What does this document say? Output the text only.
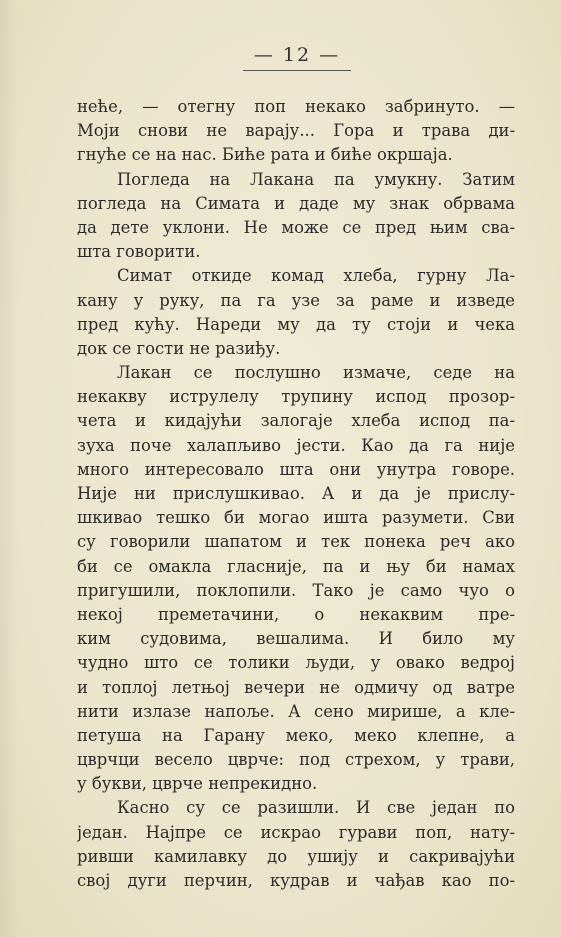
— 12 —
неће, — отегну поп некако забринуто. —
Моји снови не варају... Гора и трава ди-
гнуће се на нас. Биће рата и биће окршаја.
Погледа на Лакана па умукну. Затим
погледа на Симата и даде му знак обрвама
да дете уклони. Не може се пред њим сва-
шта говорити.
Симат откиде комад хлеба, гурну Ла-
кану у руку, па га узе за раме и изведе
пред кућу. Нареди му да ту стоји и чека
док се гости не разиђу.
Лакан се послушно измаче, седе на
некакву иструлелу трупину испод прозор-
чета и кидајући залогаје хлеба испод па-
зуха поче халапљиво јести. Као да га није
много интересовало шта они унутра говоре.
Није ни прислушкивао. А и да је прислу-
шкивао тешко би могао ишта разумети. Сви
су говорили шапатом и тек понека реч ако
би се омакла гласније, па и њу би намах
пригушили, поклопили. Тако је само чуо о
некој преметачини, о некаквим пре-
ким судовима, вешалима. И било му
чудно што се толики људи, у овако ведрој
и топлој летњој вечери не одмичу од ватре
нити излазе напоље. А сено мирише, а кле-
петуша на Гарану меко, меко клепне, а
цврчци весело цврче: под стрехом, у трави,
у букви, цврче непрекидно.
Касно су се разишли. И све један по
један. Најпре се искрао гурави поп, нату-
ривши камилавку до ушију и сакривајући
свој дуги перчин, кудрав и чађав као по-
